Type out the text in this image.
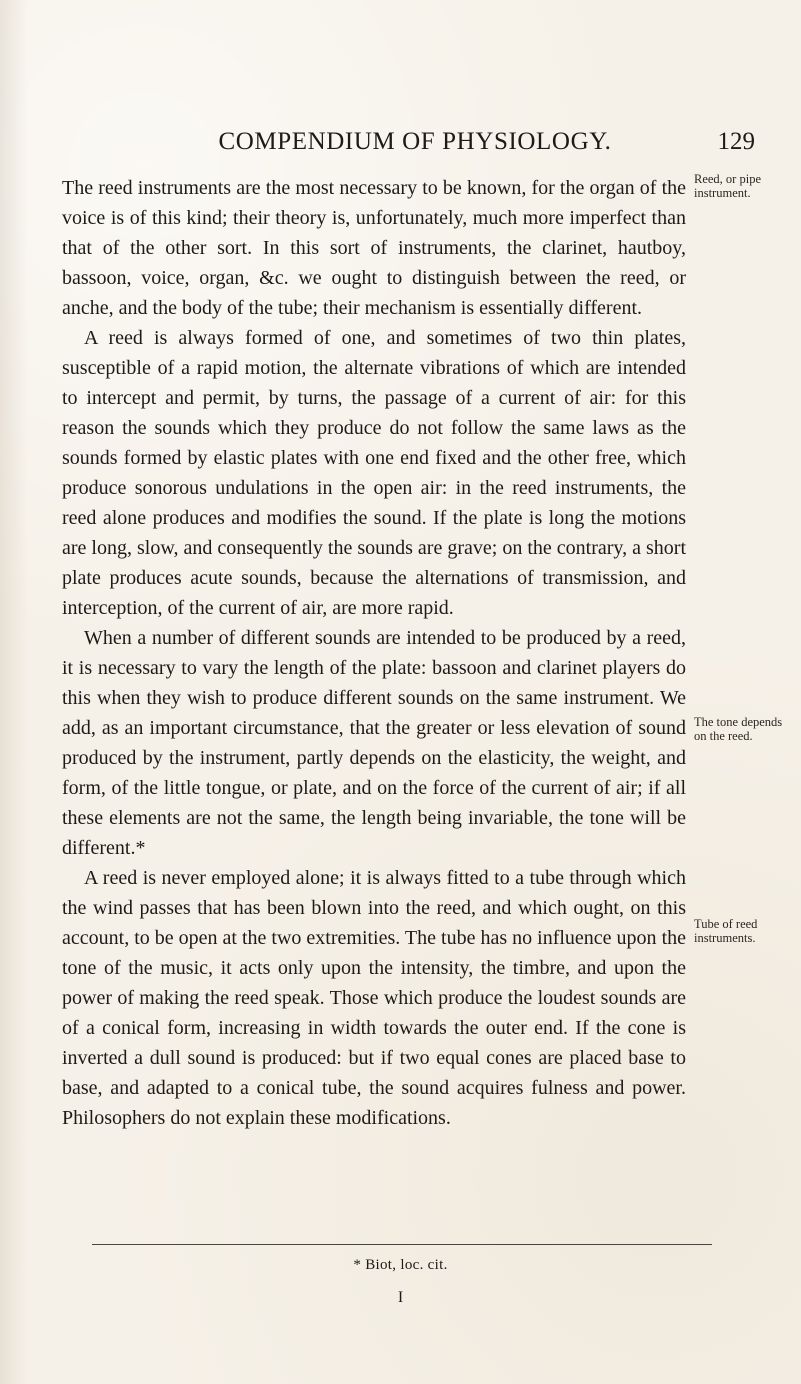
COMPENDIUM OF PHYSIOLOGY.	129
Reed, or pipe instrument.
The tone depends on the reed.
Tube of reed instruments.

The reed instruments are the most necessary to be known, for the organ of the voice is of this kind; their theory is, unfortunately, much more imperfect than that of the other sort. In this sort of instruments, the clarinet, hautboy, bassoon, voice, organ, &c. we ought to distinguish between the reed, or anche, and the body of the tube; their mechanism is essentially different.

A reed is always formed of one, and sometimes of two thin plates, susceptible of a rapid motion, the alternate vibrations of which are intended to intercept and permit, by turns, the passage of a current of air: for this reason the sounds which they produce do not follow the same laws as the sounds formed by elastic plates with one end fixed and the other free, which produce sonorous undulations in the open air: in the reed instruments, the reed alone produces and modifies the sound. If the plate is long the motions are long, slow, and consequently the sounds are grave; on the contrary, a short plate produces acute sounds, because the alternations of transmission, and interception, of the current of air, are more rapid.

When a number of different sounds are intended to be produced by a reed, it is necessary to vary the length of the plate: bassoon and clarinet players do this when they wish to produce different sounds on the same instrument. We add, as an important circumstance, that the greater or less elevation of sound produced by the instrument, partly depends on the elasticity, the weight, and form, of the little tongue, or plate, and on the force of the current of air; if all these elements are not the same, the length being invariable, the tone will be different.*

A reed is never employed alone; it is always fitted to a tube through which the wind passes that has been blown into the reed, and which ought, on this account, to be open at the two extremities. The tube has no influence upon the tone of the music, it acts only upon the intensity, the timbre, and upon the power of making the reed speak. Those which produce the loudest sounds are of a conical form, increasing in width towards the outer end. If the cone is inverted a dull sound is produced: but if two equal cones are placed base to base, and adapted to a conical tube, the sound acquires fulness and power. Philosophers do not explain these modifications.

* Biot, loc. cit.
I
